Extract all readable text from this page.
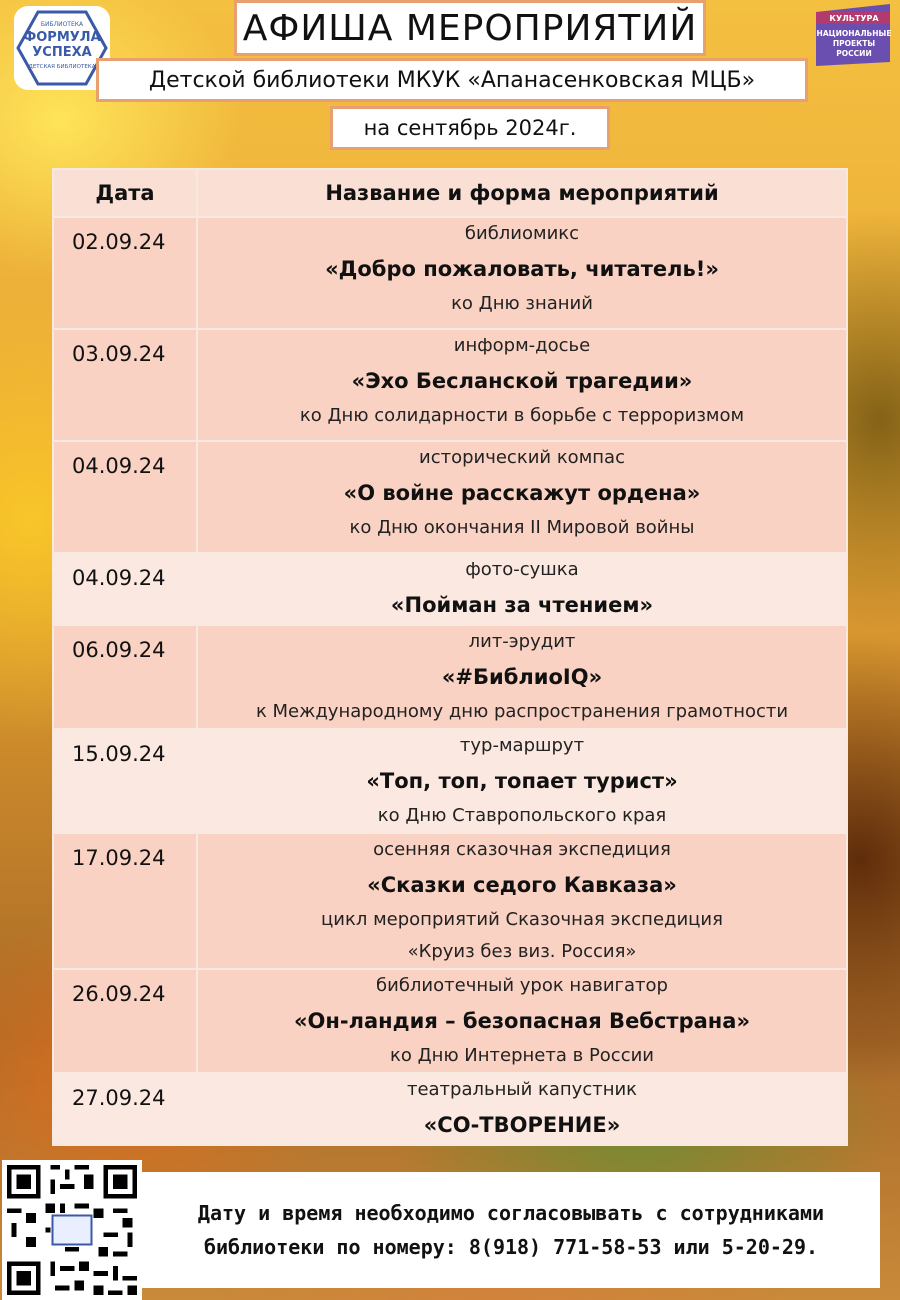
БИБЛИОТЕКА
ФОРМУЛА
УСПЕХА
ДЕТСКАЯ БИБЛИОТЕКА
КУЛЬТУРА
НАЦИОНАЛЬНЫЕ
ПРОЕКТЫ
РОССИИ
АФИША МЕРОПРИЯТИЙ
Детской библиотеки МКУК «Апанасенковская МЦБ»
на сентябрь 2024г.
Дата	Название и форма мероприятий
02.09.24	библиомикс
«Добро пожаловать, читатель!»
ко Дню знаний

03.09.24	информ-досье
«Эхо Бесланской трагедии»
ко Дню солидарности в борьбе с терроризмом

04.09.24	исторический компас
«О войне расскажут ордена»
ко Дню окончания II Мировой войны

04.09.24	фото-сушка
«Пойман за чтением»

06.09.24	лит-эрудит
«#БиблиоIQ»
к Международному дню распространения грамотности

15.09.24	тур-маршрут
«Топ, топ, топает турист»
ко Дню Ставропольского края

17.09.24	осенняя сказочная экспедиция
«Сказки седого Кавказа»
цикл мероприятий Сказочная экспедиция
«Круиз без виз. Россия»

26.09.24	библиотечный урок навигатор
«Он-ландия – безопасная Вебстрана»
ко Дню Интернета в России

27.09.24	театральный капустник
«СО-ТВОРЕНИЕ»
Дату и время необходимо согласовывать с сотрудниками
библиотеки по номеру: 8(918) 771-58-53 или 5-20-29.
